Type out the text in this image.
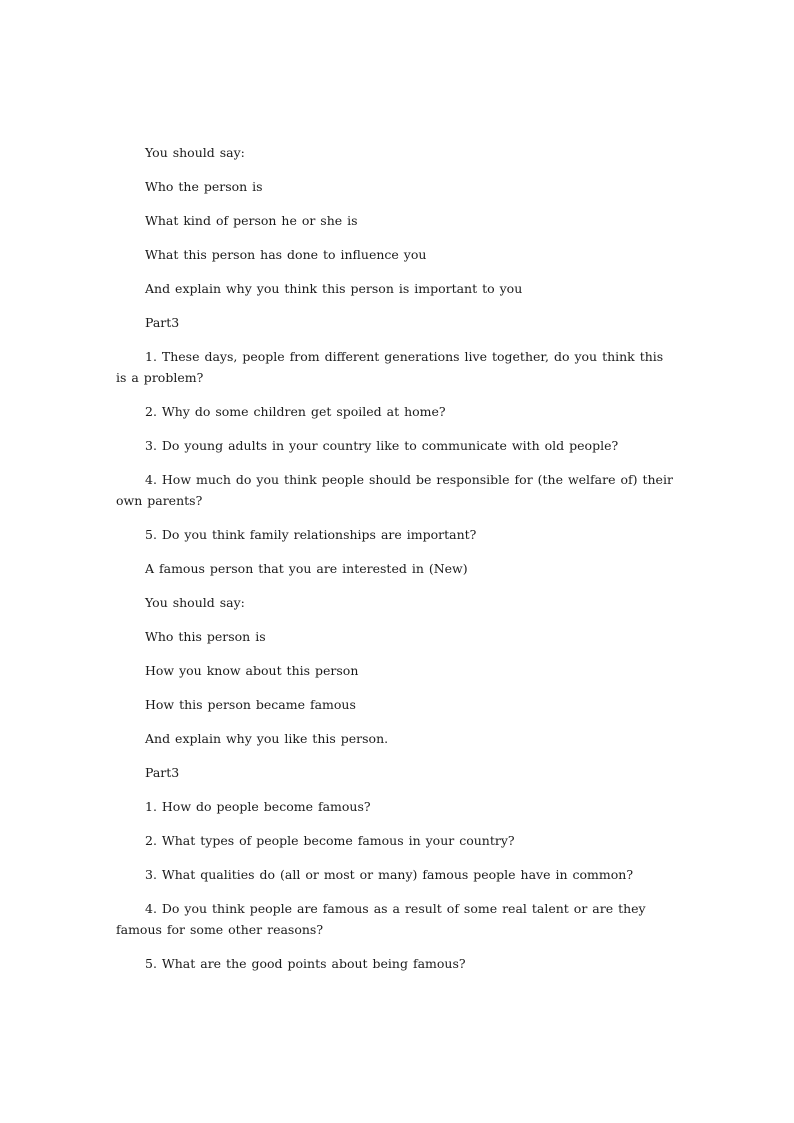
You should say:

Who the person is

What kind of person he or she is

What this person has done to influence you

And explain why you think this person is important to you

Part3

1. These days, people from different generations live together, do you think this is a problem?

2. Why do some children get spoiled at home?

3. Do young adults in your country like to communicate with old people?

4. How much do you think people should be responsible for (the welfare of) their own parents?

5. Do you think family relationships are important?

A famous person that you are interested in (New)

You should say:

Who this person is

How you know about this person

How this person became famous

And explain why you like this person.

Part3

1. How do people become famous?

2. What types of people become famous in your country?

3. What qualities do (all or most or many) famous people have in common?

4. Do you think people are famous as a result of some real talent or are they famous for some other reasons?

5. What are the good points about being famous?
